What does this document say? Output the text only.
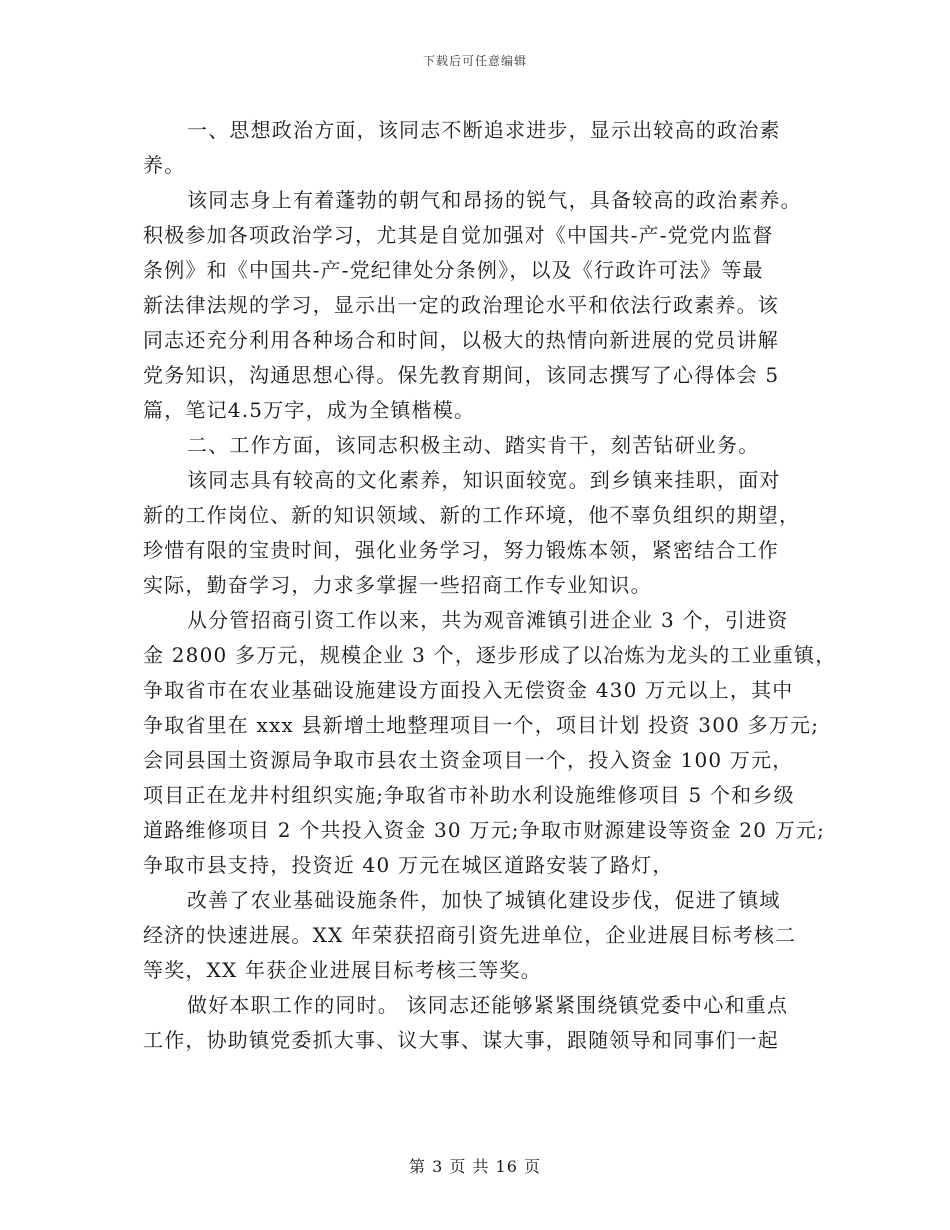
下载后可任意编辑
一、思想政治方面，该同志不断追求进步，显示出较高的政治素
养。
该同志身上有着蓬勃的朝气和昂扬的锐气，具备较高的政治素养。
积极参加各项政治学习，尤其是自觉加强对《中国共-产-党党内监督
条例》和《中国共-产-党纪律处分条例》，以及《行政许可法》等最
新法律法规的学习，显示出一定的政治理论水平和依法行政素养。该
同志还充分利用各种场合和时间，以极大的热情向新进展的党员讲解
党务知识，沟通思想心得。保先教育期间，该同志撰写了心得体会 5
篇，笔记4.5万字，成为全镇楷模。
二、工作方面，该同志积极主动、踏实肯干，刻苦钻研业务。
该同志具有较高的文化素养，知识面较宽。到乡镇来挂职，面对
新的工作岗位、新的知识领域、新的工作环境，他不辜负组织的期望，
珍惜有限的宝贵时间，强化业务学习，努力锻炼本领，紧密结合工作
实际，勤奋学习，力求多掌握一些招商工作专业知识。
从分管招商引资工作以来，共为观音滩镇引进企业 3 个，引进资
金 2800 多万元，规模企业 3 个，逐步形成了以冶炼为龙头的工业重镇，
争取省市在农业基础设施建设方面投入无偿资金 430 万元以上，其中
争取省里在 xxx 县新增土地整理项目一个，项目计划 投资 300 多万元;
会同县国土资源局争取市县农土资金项目一个，投入资金 100 万元，
项目正在龙井村组织实施;争取省市补助水利设施维修项目 5 个和乡级
道路维修项目 2 个共投入资金 30 万元;争取市财源建设等资金 20 万元;
争取市县支持，投资近 40 万元在城区道路安装了路灯，
改善了农业基础设施条件，加快了城镇化建设步伐，促进了镇域
经济的快速进展。XX 年荣获招商引资先进单位，企业进展目标考核二
等奖，XX 年获企业进展目标考核三等奖。
做好本职工作的同时。 该同志还能够紧紧围绕镇党委中心和重点
工作，协助镇党委抓大事、议大事、谋大事，跟随领导和同事们一起
第 3 页 共 16 页
